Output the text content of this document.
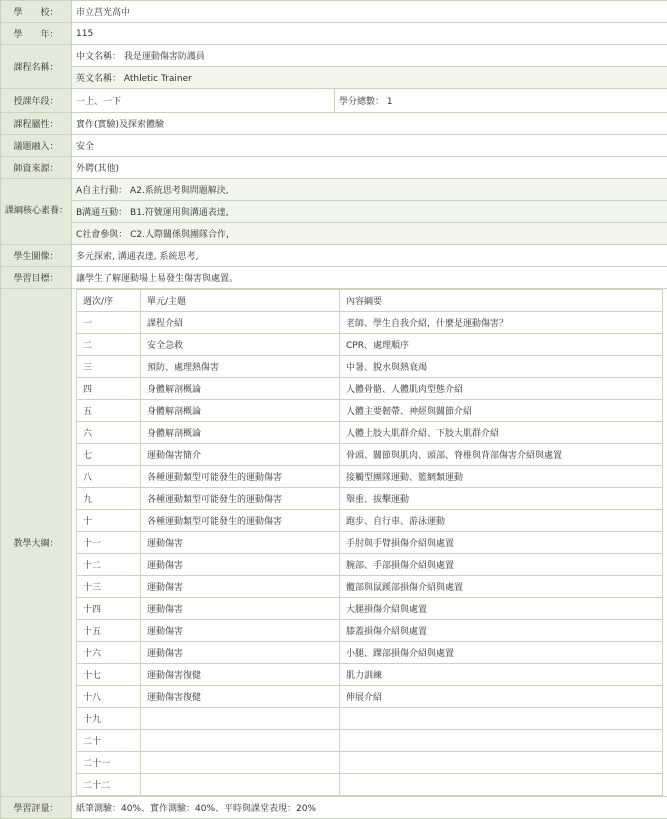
學　　校：	市立莒光高中
學　　年：	115
課程名稱：	中文名稱： 我是運動傷害防護員
英文名稱： Athletic Trainer
授課年段：	一上、一下	學分總數： 1
課程屬性：	實作(實驗)及探索體驗
議題融入：	安全
師資來源：	外聘(其他)
課綱核心素養：	A自主行動： A2.系統思考與問題解決,
B溝通互動： B1.符號運用與溝通表達,
C社會參與： C2.人際關係與團隊合作,
學生圖像：	多元探索, 溝通表達, 系統思考,
學習目標：	讓學生了解運動場上易發生傷害與處置。
教學大綱：	
週次/序	單元/主題	內容綱要
一	課程介紹	老師、學生自我介紹，什麼是運動傷害？
二	安全急救	CPR、處理順序
三	預防、處理熱傷害	中暑、脫水與熱衰竭
四	身體解剖概論	人體骨骼、人體肌肉型態介紹
五	身體解剖概論	人體主要韌帶、神經與關節介紹
六	身體解剖概論	人體上肢大肌群介紹、下肢大肌群介紹
七	運動傷害簡介	骨頭、關節與肌肉、頭部、脊椎與背部傷害介紹與處置
八	各種運動類型可能發生的運動傷害	接觸型團隊運動、籃網類運動
九	各種運動類型可能發生的運動傷害	舉重、拔擊運動
十	各種運動類型可能發生的運動傷害	跑步、自行車、游泳運動
十一	運動傷害	手肘與手臂損傷介紹與處置
十二	運動傷害	腕部、手部損傷介紹與處置
十三	運動傷害	髖部與鼠蹊部損傷介紹與處置
十四	運動傷害	大腿損傷介紹與處置
十五	運動傷害	膝蓋損傷介紹與處置
十六	運動傷害	小腿、踝部損傷介紹與處置
十七	運動傷害復健	肌力訓練
十八	運動傷害復健	伸展介紹
十九		
二十		
二十一		
二十二		

學習評量：	紙筆測驗：40%、實作測驗：40%、平時與課堂表現：20%
